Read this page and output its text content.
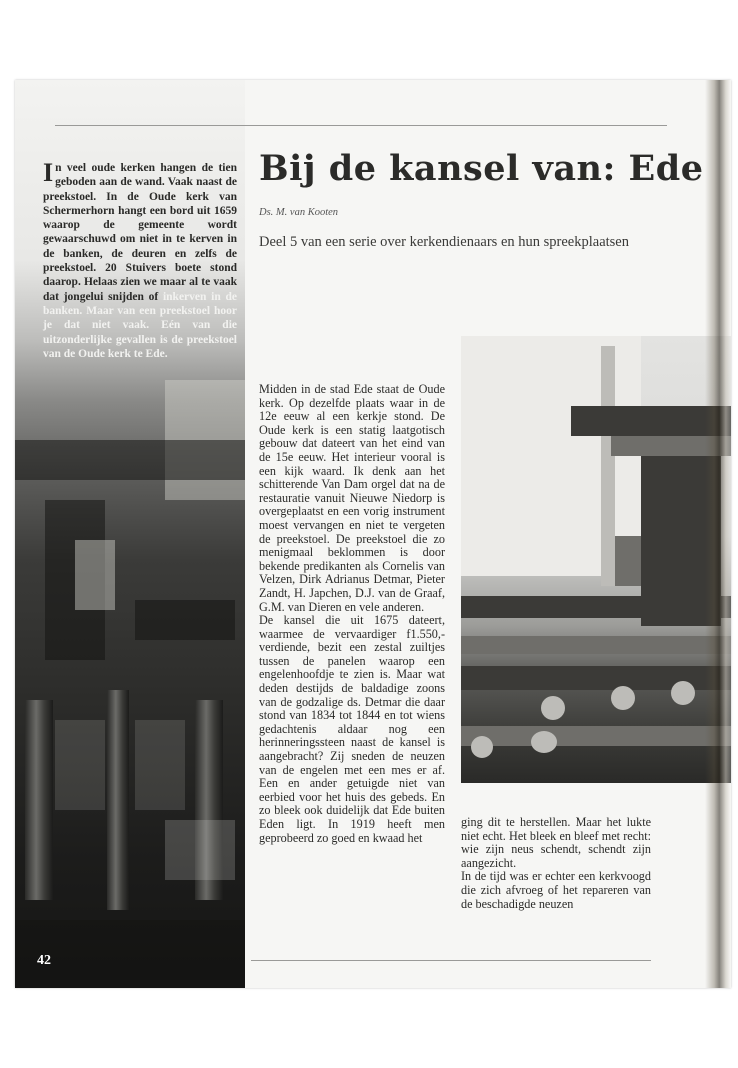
In veel oude kerken hangen de tien geboden aan de wand. Vaak naast de preekstoel. In de Oude kerk van Schermerhorn hangt een bord uit 1659 waarop de gemeente wordt gewaarschuwd om niet in te kerven in de banken, de deuren en zelfs de preekstoel. 20 Stuivers boete stond daarop. Helaas zien we maar al te vaak dat jongelui snijden of inkerven in de banken. Maar van een preekstoel hoor je dat niet vaak. Eén van die uitzonderlijke gevallen is de preekstoel van de Oude kerk te Ede.
Bij de kansel van: Ede
Ds. M. van Kooten
Deel 5 van een serie over kerkendienaars en hun spreekplaatsen

Midden in de stad Ede staat de Oude kerk. Op dezelfde plaats waar in de 12e eeuw al een kerkje stond. De Oude kerk is een statig laatgotisch gebouw dat dateert van het eind van de 15e eeuw. Het interieur vooral is een kijk waard. Ik denk aan het schitterende Van Dam orgel dat na de restauratie vanuit Nieuwe Niedorp is overgeplaatst en een vorig instrument moest vervangen en niet te vergeten de preekstoel. De preekstoel die zo menigmaal beklommen is door bekende predikanten als Cornelis van Velzen, Dirk Adrianus Detmar, Pieter Zandt, H. Japchen, D.J. van de Graaf, G.M. van Dieren en vele anderen.

De kansel die uit 1675 dateert, waarmee de vervaardiger f1.550,- verdiende, bezit een zestal zuiltjes tussen de panelen waarop een engelenhoofdje te zien is. Maar wat deden destijds de baldadige zoons van de godzalige ds. Detmar die daar stond van 1834 tot 1844 en tot wiens gedachtenis aldaar nog een herinneringssteen naast de kansel is aangebracht? Zij sneden de neuzen van de engelen met een mes er af. Een en ander getuigde niet van eerbied voor het huis des gebeds. En zo bleek ook duidelijk dat Ede buiten Eden ligt. In 1919 heeft men geprobeerd zo goed en kwaad het

ging dit te herstellen. Maar het lukte niet echt. Het bleek en bleef met recht: wie zijn neus schendt, schendt zijn aangezicht.

In de tijd was er echter een kerkvoogd die zich afvroeg of het repareren van de beschadigde neuzen

42
